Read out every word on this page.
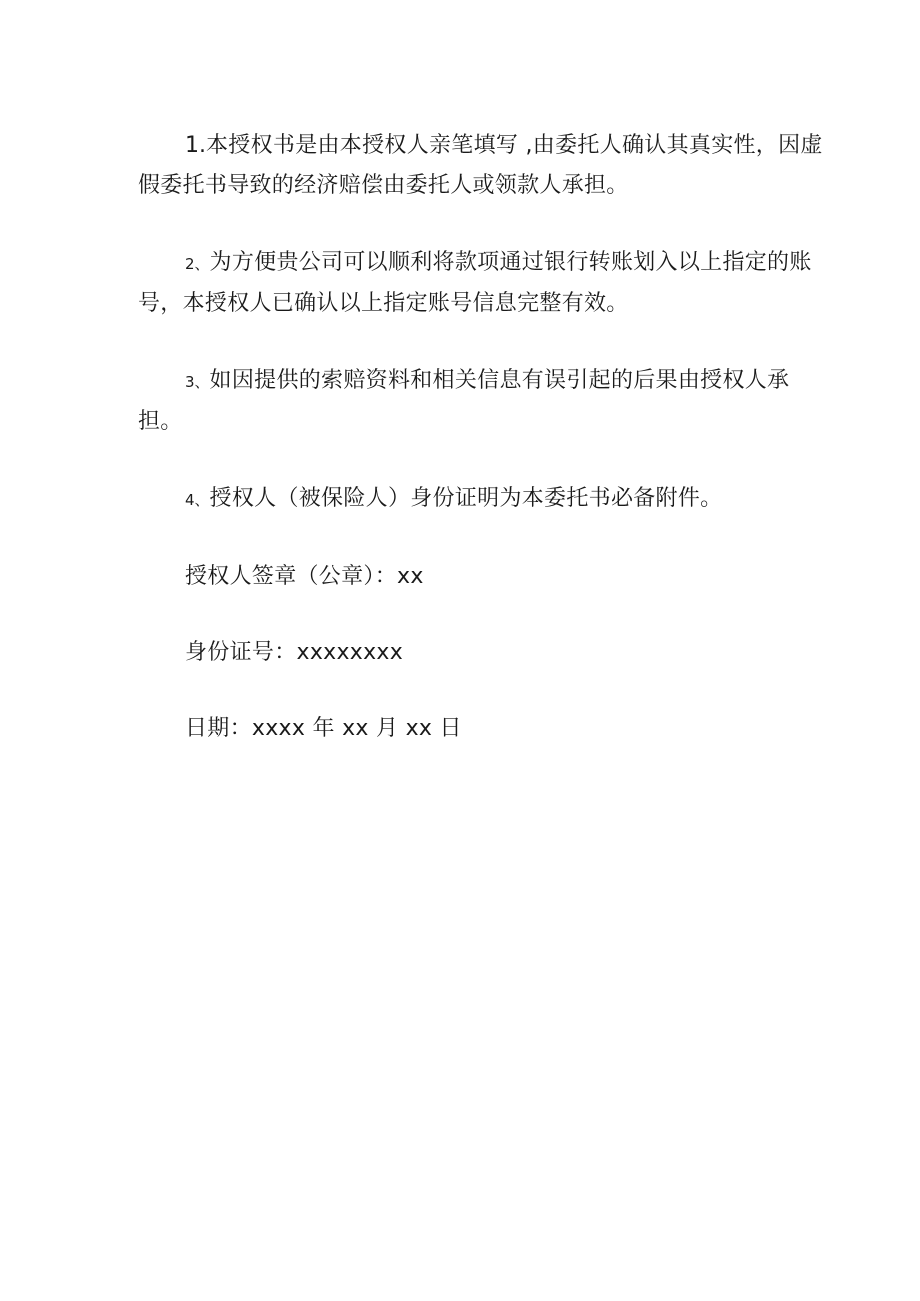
1.本授权书是由本授权人亲笔填写 ,由委托人确认其真实性，因虚假委托书导致的经济赔偿由委托人或领款人承担。

2、为方便贵公司可以顺利将款项通过银行转账划入以上指定的账号，本授权人已确认以上指定账号信息完整有效。

3、如因提供的索赔资料和相关信息有误引起的后果由授权人承担。

4、授权人（被保险人）身份证明为本委托书必备附件。

授权人签章（公章）：xx
身份证号：xxxxxxxx
日期：xxxx 年 xx 月 xx 日
